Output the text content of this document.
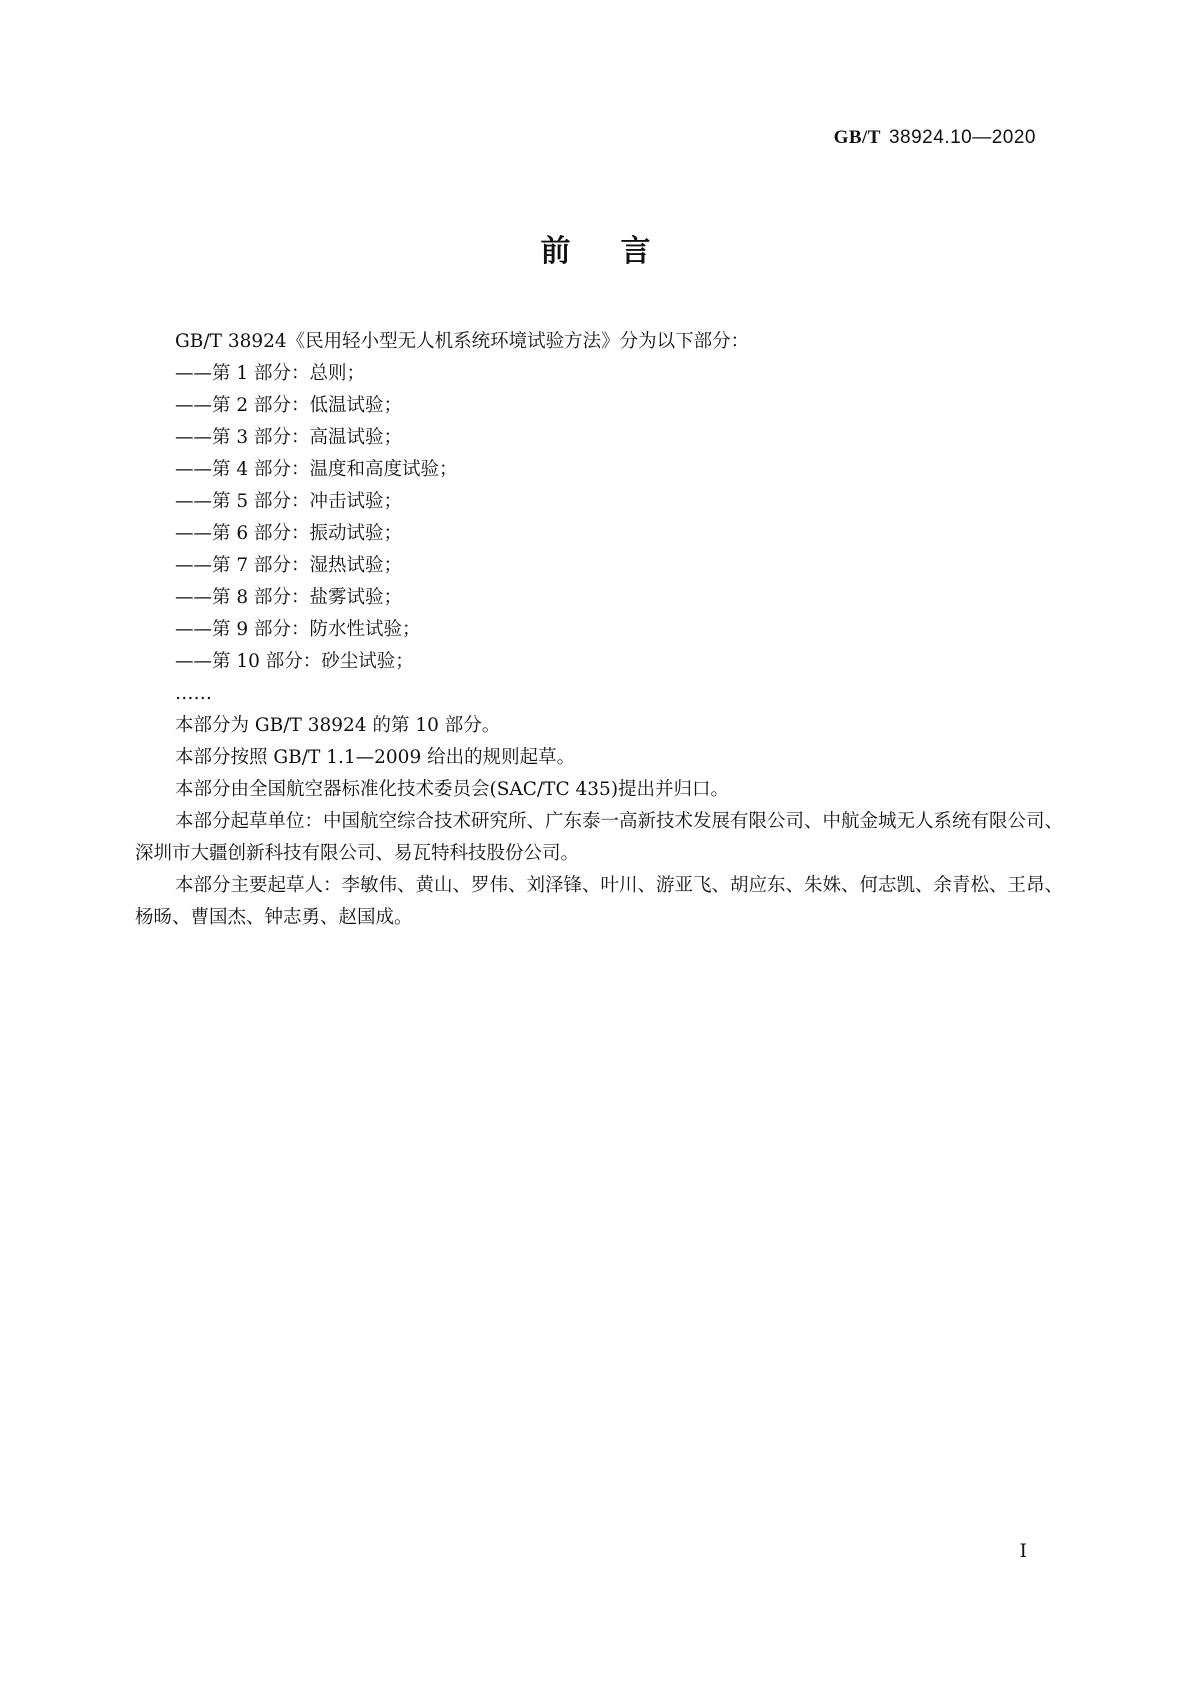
GB/T 38924.10—2020
前言
GB/T 38924《民用轻小型无人机系统环境试验方法》分为以下部分：
——第 1 部分：总则；
——第 2 部分：低温试验；
——第 3 部分：高温试验；
——第 4 部分：温度和高度试验；
——第 5 部分：冲击试验；
——第 6 部分：振动试验；
——第 7 部分：湿热试验；
——第 8 部分：盐雾试验；
——第 9 部分：防水性试验；
——第 10 部分：砂尘试验；
……
本部分为 GB/T 38924 的第 10 部分。
本部分按照 GB/T 1.1—2009 给出的规则起草。
本部分由全国航空器标准化技术委员会(SAC/TC 435)提出并归口。
本部分起草单位：中国航空综合技术研究所、广东泰一高新技术发展有限公司、中航金城无人系统有限公司、深圳市大疆创新科技有限公司、易瓦特科技股份公司。
本部分主要起草人：李敏伟、黄山、罗伟、刘泽锋、叶川、游亚飞、胡应东、朱姝、何志凯、余青松、王昂、杨旸、曹国杰、钟志勇、赵国成。
I
